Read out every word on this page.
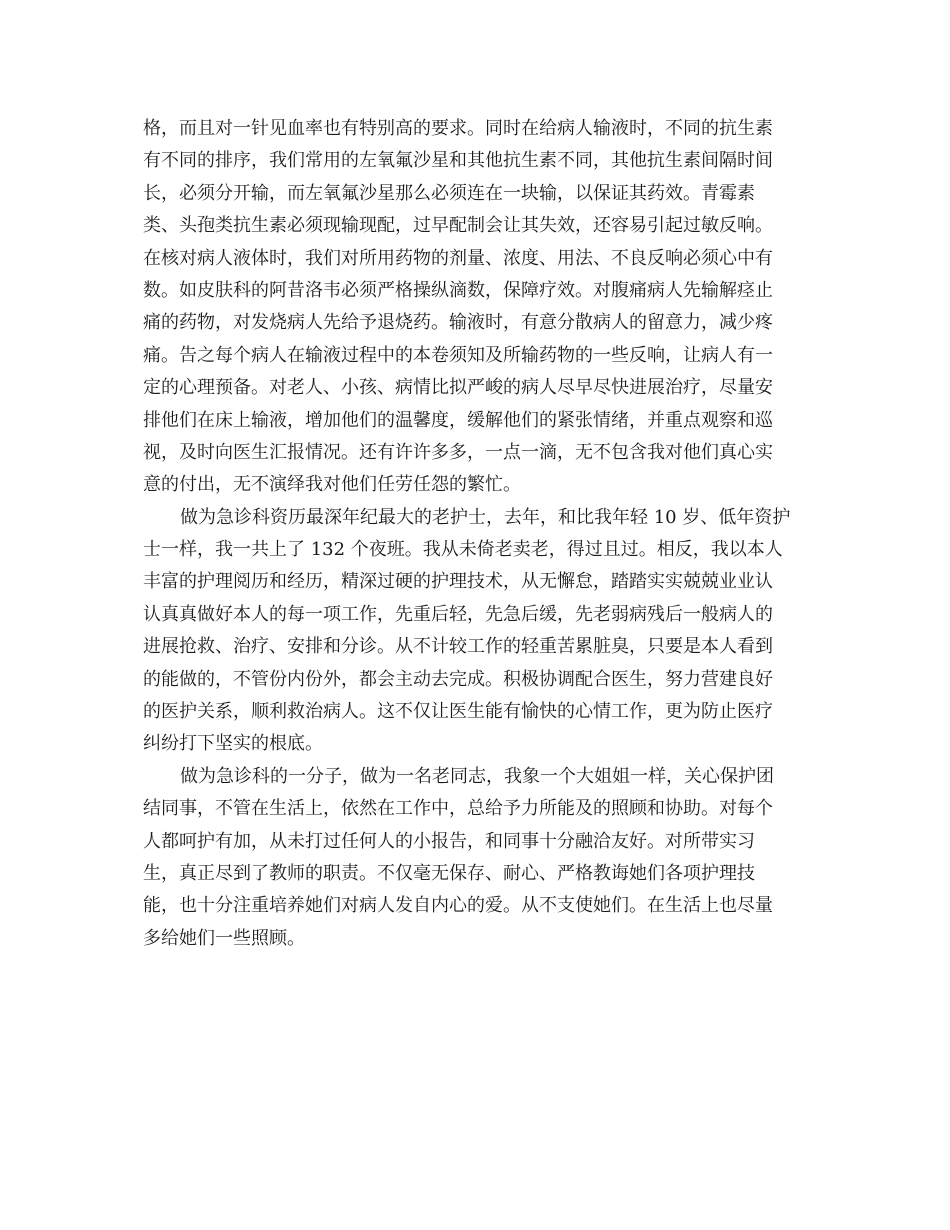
格，而且对一针见血率也有特别高的要求。同时在给病人输液时，不同的抗生素
有不同的排序，我们常用的左氧氟沙星和其他抗生素不同，其他抗生素间隔时间
长，必须分开输，而左氧氟沙星那么必须连在一块输，以保证其药效。青霉素
类、头孢类抗生素必须现输现配，过早配制会让其失效，还容易引起过敏反响。
在核对病人液体时，我们对所用药物的剂量、浓度、用法、不良反响必须心中有
数。如皮肤科的阿昔洛韦必须严格操纵滴数，保障疗效。对腹痛病人先输解痉止
痛的药物，对发烧病人先给予退烧药。输液时，有意分散病人的留意力，减少疼
痛。告之每个病人在输液过程中的本卷须知及所输药物的一些反响，让病人有一
定的心理预备。对老人、小孩、病情比拟严峻的病人尽早尽快进展治疗，尽量安
排他们在床上输液，增加他们的温馨度，缓解他们的紧张情绪，并重点观察和巡
视，及时向医生汇报情况。还有许许多多，一点一滴，无不包含我对他们真心实
意的付出，无不演绎我对他们任劳任怨的繁忙。
做为急诊科资历最深年纪最大的老护士，去年，和比我年轻 10 岁、低年资护
士一样，我一共上了 132 个夜班。我从未倚老卖老，得过且过。相反，我以本人
丰富的护理阅历和经历，精深过硬的护理技术，从无懈怠，踏踏实实兢兢业业认
认真真做好本人的每一项工作，先重后轻，先急后缓，先老弱病残后一般病人的
进展抢救、治疗、安排和分诊。从不计较工作的轻重苦累脏臭，只要是本人看到
的能做的，不管份内份外，都会主动去完成。积极协调配合医生，努力营建良好
的医护关系，顺利救治病人。这不仅让医生能有愉快的心情工作，更为防止医疗
纠纷打下坚实的根底。
做为急诊科的一分子，做为一名老同志，我象一个大姐姐一样，关心保护团
结同事，不管在生活上，依然在工作中，总给予力所能及的照顾和协助。对每个
人都呵护有加，从未打过任何人的小报告，和同事十分融洽友好。对所带实习
生，真正尽到了教师的职责。不仅毫无保存、耐心、严格教诲她们各项护理技
能，也十分注重培养她们对病人发自内心的爱。从不支使她们。在生活上也尽量
多给她们一些照顾。
